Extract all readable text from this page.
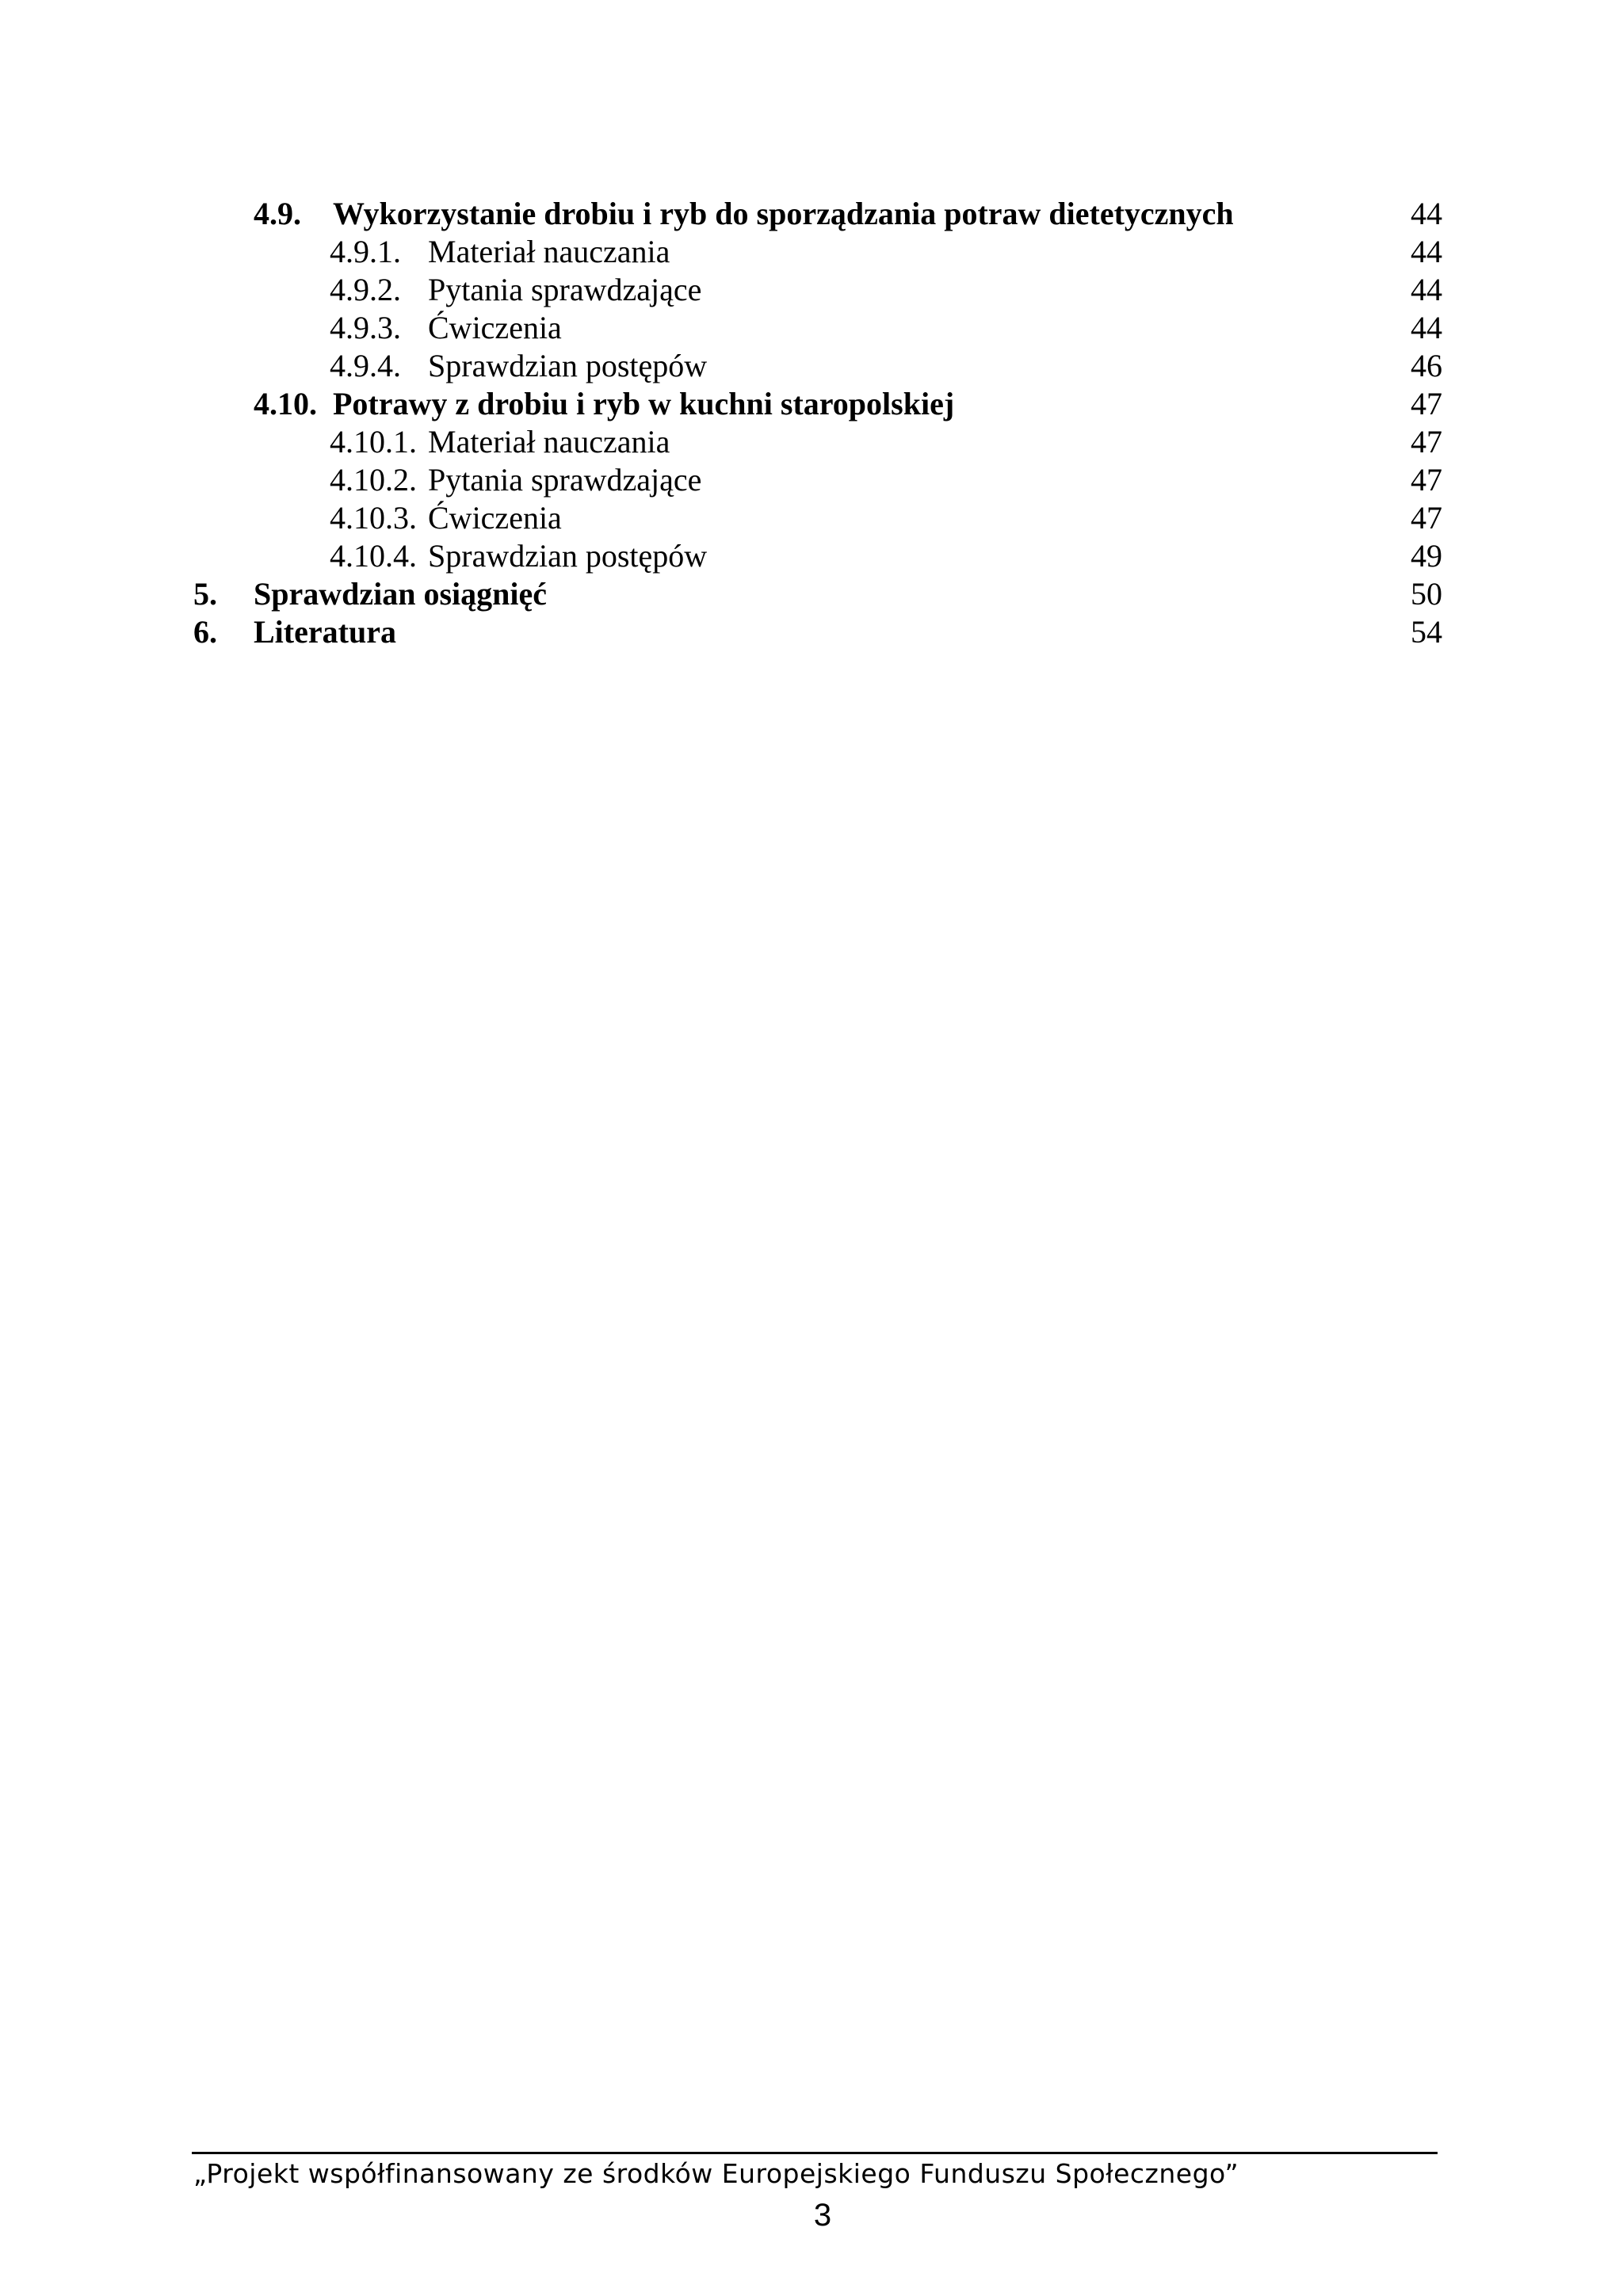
4.9. Wykorzystanie drobiu i ryb do sporządzania potraw dietetycznych	44
4.9.1. Materiał nauczania	44
4.9.2. Pytania sprawdzające	44
4.9.3. Ćwiczenia	44
4.9.4. Sprawdzian postępów	46
4.10. Potrawy z drobiu i ryb w kuchni staropolskiej	47
4.10.1. Materiał nauczania	47
4.10.2. Pytania sprawdzające	47
4.10.3. Ćwiczenia	47
4.10.4. Sprawdzian postępów	49
5. Sprawdzian osiągnięć	50
6. Literatura	54
„Projekt współfinansowany ze środków Europejskiego Funduszu Społecznego”
3
